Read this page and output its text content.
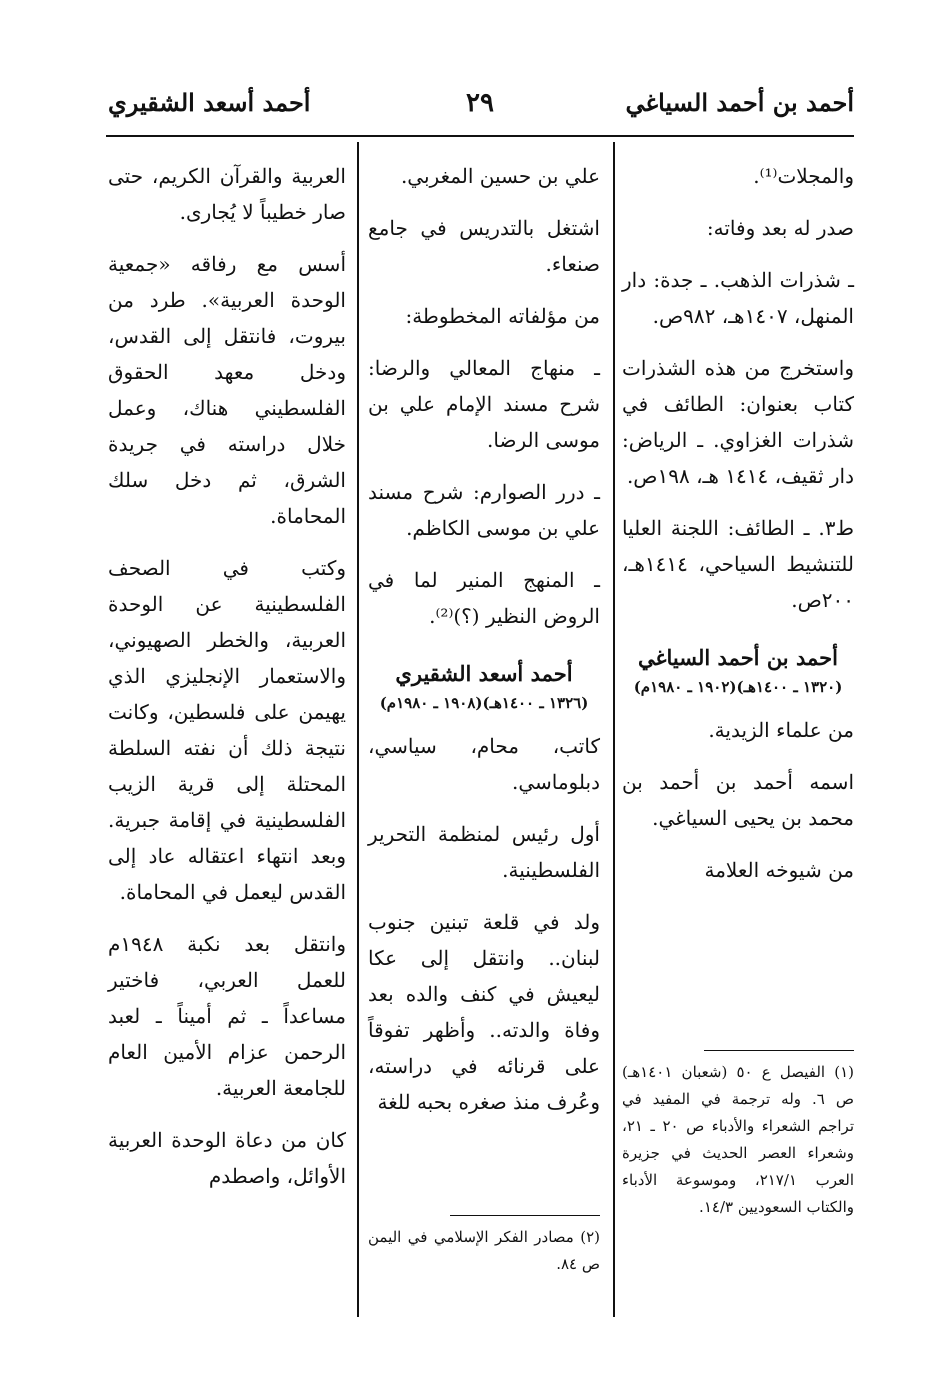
أحمد بن أحمد السياغي
٢٩
أحمد أسعد الشقيري

والمجلات⁽¹⁾.

صدر له بعد وفاته:

ـ شذرات الذهب. ـ جدة: دار المنهل، ١٤٠٧هـ، ٩٨٢ص.

واستخرج من هذه الشذرات كتاب بعنوان: الطائف في شذرات الغزاوي. ـ الرياض: دار ثقيف، ١٤١٤ هـ، ١٩٨ص.

ط٣. ـ الطائف: اللجنة العليا للتنشيط السياحي، ١٤١٤هـ، ٢٠٠ص.

أحمد بن أحمد السياغي
(١٣٢٠ ـ ١٤٠٠هـ)(١٩٠٢ ـ ١٩٨٠م)

من علماء الزيدية.

اسمه أحمد بن أحمد بن محمد بن يحيى السياغي.

من شيوخه العلامة

(١) الفيصل ع ٥٠ (شعبان ١٤٠١هـ) ص ٦. وله ترجمة في المفيد في تراجم الشعراء والأدباء ص ٢٠ ـ ٢١، وشعراء العصر الحديث في جزيرة العرب ٢١٧/١، وموسوعة الأدباء والكتاب السعوديين ١٤/٣.

علي بن حسين المغربي.

اشتغل بالتدريس في جامع صنعاء.

من مؤلفاته المخطوطة:

ـ منهاج المعالي والرضا: شرح مسند الإمام علي بن موسى الرضا.

ـ درر الصوارم: شرح مسند علي بن موسى الكاظم.

ـ المنهج المنير لما في الروض النظير (؟)⁽²⁾.

أحمد أسعد الشقيري
(١٣٢٦ ـ ١٤٠٠هـ)(١٩٠٨ ـ ١٩٨٠م)

كاتب، محام، سياسي، دبلوماسي.

أول رئيس لمنظمة التحرير الفلسطينية.

ولد في قلعة تبنين جنوب لبنان.. وانتقل إلى عكا ليعيش في كنف والده بعد وفاة والدته.. وأظهر تفوقاً على قرنائه في دراسته، وعُرف منذ صغره بحبه للغة

(٢) مصادر الفكر الإسلامي في اليمن ص ٨٤.

العربية والقرآن الكريم، حتى صار خطيباً لا يُجارى.

أسس مع رفاقه «جمعية الوحدة العربية». طرد من بيروت، فانتقل إلى القدس، ودخل معهد الحقوق الفلسطيني هناك، وعمل خلال دراسته في جريدة الشرق، ثم دخل سلك المحاماة.

وكتب في الصحف الفلسطينية عن الوحدة العربية، والخطر الصهيوني، والاستعمار الإنجليزي الذي يهيمن على فلسطين، وكانت نتيجة ذلك أن نفته السلطة المحتلة إلى قرية الزيب الفلسطينية في إقامة جبرية. وبعد انتهاء اعتقاله عاد إلى القدس ليعمل في المحاماة.

وانتقل بعد نكبة ١٩٤٨م للعمل العربي، فاختير مساعداً ـ ثم أميناً ـ لعبد الرحمن عزام الأمين العام للجامعة العربية.

كان من دعاة الوحدة العربية الأوائل، واصطدم
